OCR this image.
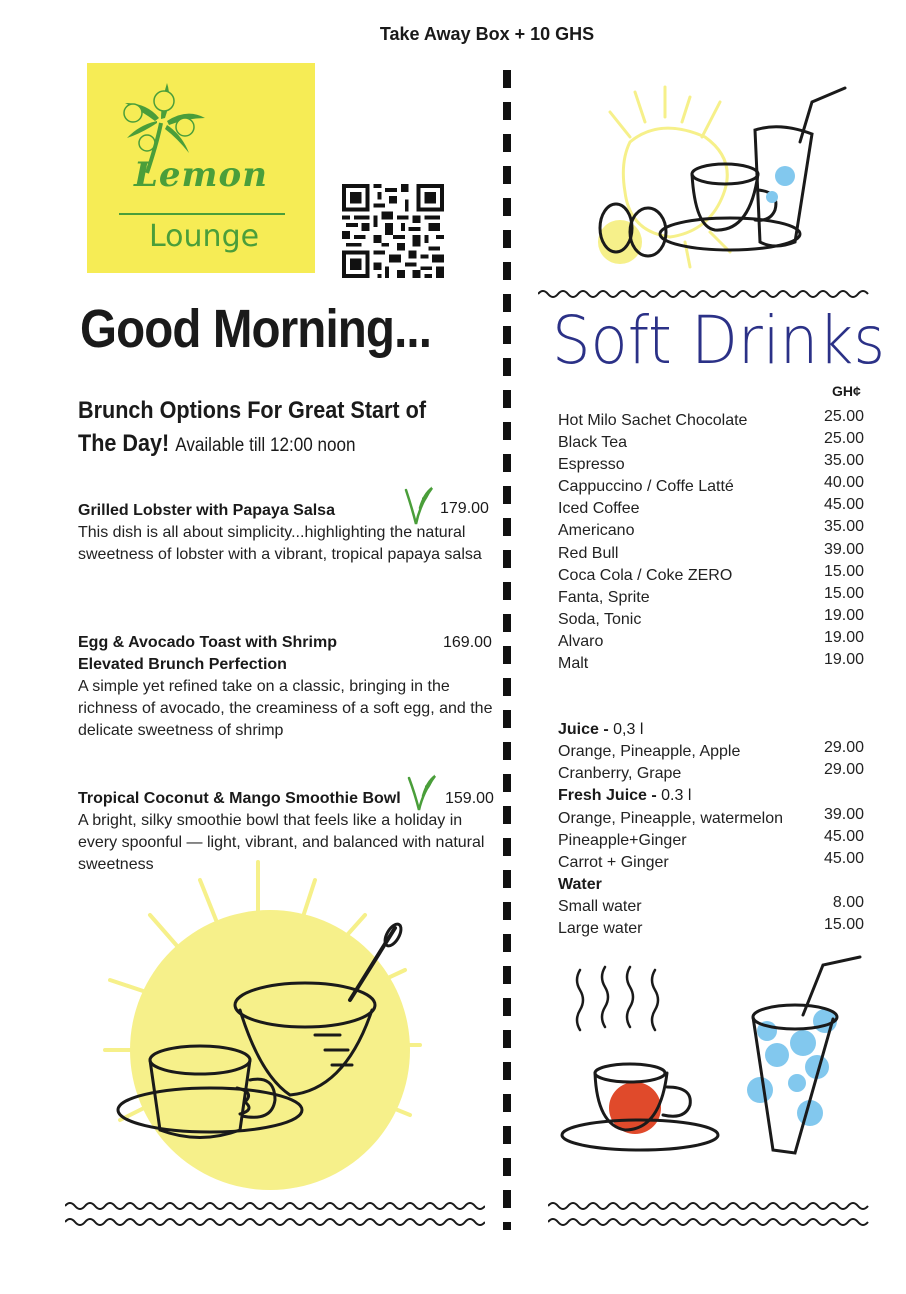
Take Away Box + 10 GHS
Lemon
Lounge
Good Morning...
Brunch Options For Great Start of The Day! Available till 12:00 noon
Grilled Lobster with Papaya Salsa
This dish is all about simplicity...highlighting the natural sweetness of lobster with a vibrant, tropical papaya salsa
179.00
Egg & Avocado Toast with Shrimp
Elevated Brunch Perfection
A simple yet refined take on a classic, bringing in the richness of avocado, the creaminess of a soft egg, and the delicate sweetness of shrimp
169.00
Tropical Coconut & Mango Smoothie Bowl
A bright, silky smoothie bowl that feels like a holiday in every spoonful — light, vibrant, and balanced with natural sweetness
159.00
Soft Drinks
GH¢
Hot Milo Sachet Chocolate	25.00
Black Tea	25.00
Espresso	35.00
Cappuccino / Coffe Latté	40.00
Iced Coffee	45.00
Americano	35.00
Red Bull	39.00
Coca Cola / Coke ZERO	15.00
Fanta, Sprite	15.00
Soda, Tonic	19.00
Alvaro	19.00
Malt	19.00
Juice - 0,3 l
Orange, Pineapple, Apple	29.00
Cranberry, Grape	29.00
Fresh Juice - 0.3 l
Orange, Pineapple, watermelon	39.00
Pineapple+Ginger	45.00
Carrot + Ginger	45.00
Water
Small water	8.00
Large water	15.00
